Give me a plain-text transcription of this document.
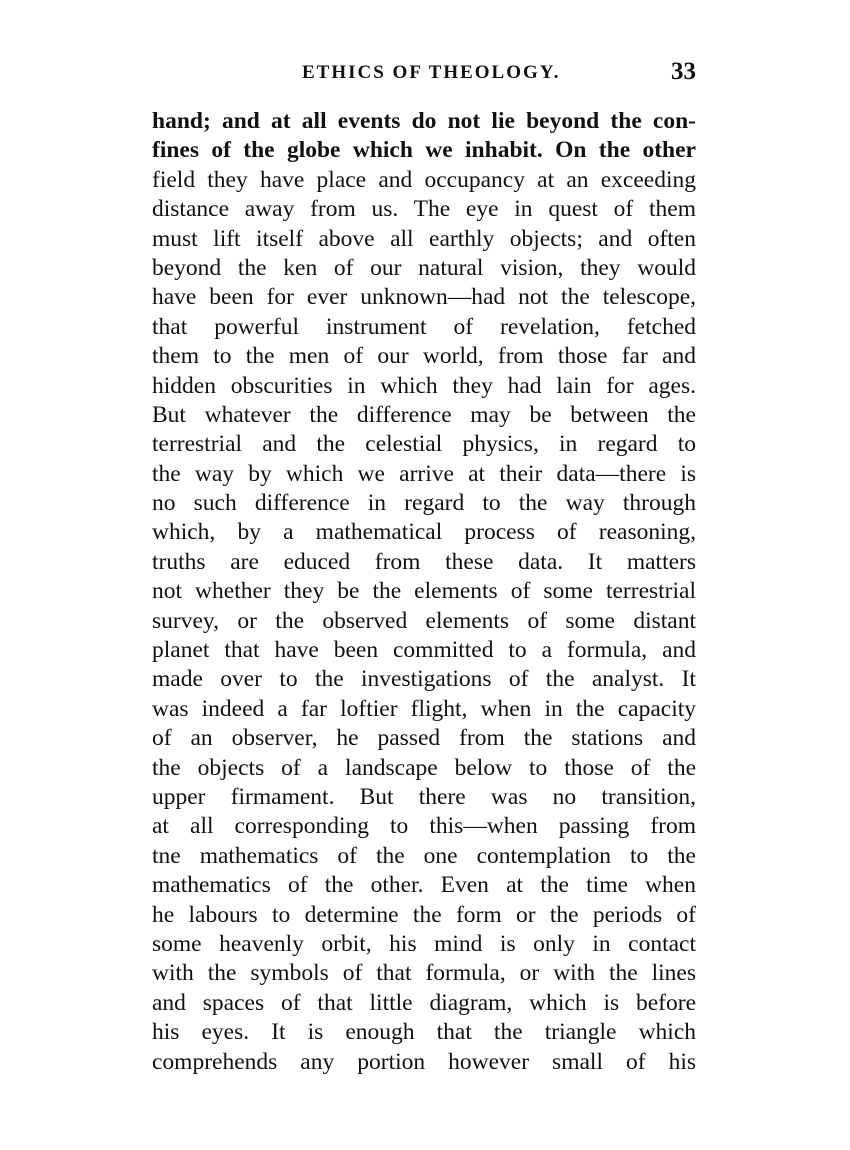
ETHICS OF THEOLOGY.	33
hand; and at all events do not lie beyond the con-
fines of the globe which we inhabit. On the other
field they have place and occupancy at an exceeding
distance away from us. The eye in quest of them
must lift itself above all earthly objects; and often
beyond the ken of our natural vision, they would
have been for ever unknown—had not the telescope,
that powerful instrument of revelation, fetched
them to the men of our world, from those far and
hidden obscurities in which they had lain for ages.
But whatever the difference may be between the
terrestrial and the celestial physics, in regard to
the way by which we arrive at their data—there is
no such difference in regard to the way through
which, by a mathematical process of reasoning,
truths are educed from these data. It matters
not whether they be the elements of some terrestrial
survey, or the observed elements of some distant
planet that have been committed to a formula, and
made over to the investigations of the analyst. It
was indeed a far loftier flight, when in the capacity
of an observer, he passed from the stations and
the objects of a landscape below to those of the
upper firmament. But there was no transition,
at all corresponding to this—when passing from
tne mathematics of the one contemplation to the
mathematics of the other. Even at the time when
he labours to determine the form or the periods of
some heavenly orbit, his mind is only in contact
with the symbols of that formula, or with the lines
and spaces of that little diagram, which is before
his eyes. It is enough that the triangle which
comprehends any portion however small of his
